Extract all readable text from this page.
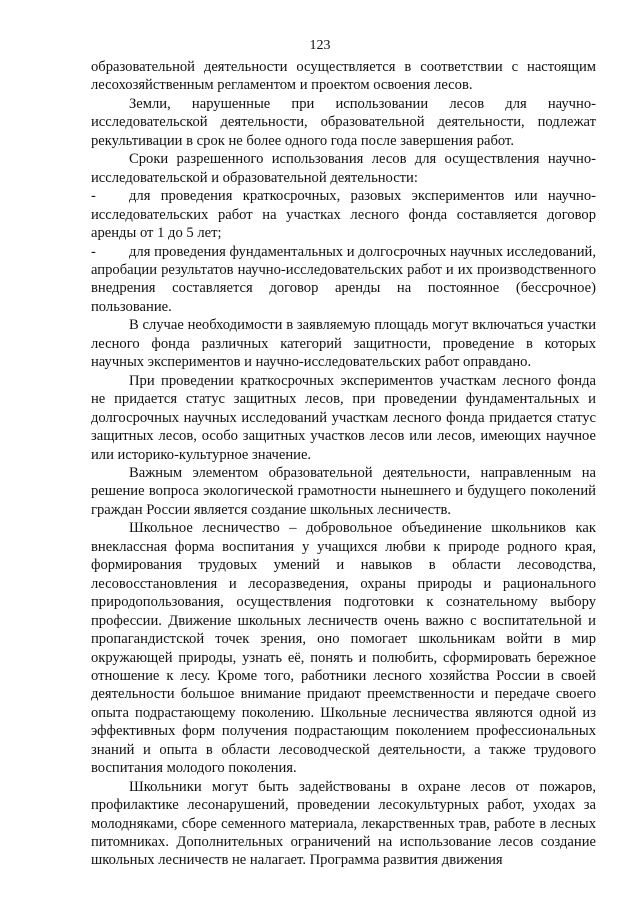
123

образовательной деятельности осуществляется в соответствии с настоящим лесохозяйственным регламентом и проектом освоения лесов.

Земли, нарушенные при использовании лесов для научно-исследовательской деятельности, образовательной деятельности, подлежат рекультивации в срок не более одного года после завершения работ.

Сроки разрешенного использования лесов для осуществления научно-исследовательской и образовательной деятельности:

- для проведения краткосрочных, разовых экспериментов или научно-исследовательских работ на участках лесного фонда составляется договор аренды от 1 до 5 лет;

- для проведения фундаментальных и долгосрочных научных исследований, апробации результатов научно-исследовательских работ и их производственного внедрения составляется договор аренды на постоянное (бессрочное) пользование.

В случае необходимости в заявляемую площадь могут включаться участки лесного фонда различных категорий защитности, проведение в которых научных экспериментов и научно-исследовательских работ оправдано.

При проведении краткосрочных экспериментов участкам лесного фонда не придается статус защитных лесов, при проведении фундаментальных и долгосрочных научных исследований участкам лесного фонда придается статус защитных лесов, особо защитных участков лесов или лесов, имеющих научное или историко-культурное значение.

Важным элементом образовательной деятельности, направленным на решение вопроса экологической грамотности нынешнего и будущего поколений граждан России является создание школьных лесничеств.

Школьное лесничество – добровольное объединение школьников как внеклассная форма воспитания у учащихся любви к природе родного края, формирования трудовых умений и навыков в области лесоводства, лесовосстановления и лесоразведения, охраны природы и рационального природопользования, осуществления подготовки к сознательному выбору профессии. Движение школьных лесничеств очень важно с воспитательной и пропагандистской точек зрения, оно помогает школьникам войти в мир окружающей природы, узнать её, понять и полюбить, сформировать бережное отношение к лесу. Кроме того, работники лесного хозяйства России в своей деятельности большое внимание придают преемственности и передаче своего опыта подрастающему поколению. Школьные лесничества являются одной из эффективных форм получения подрастающим поколением профессиональных знаний и опыта в области лесоводческой деятельности, а также трудового воспитания молодого поколения.

Школьники могут быть задействованы в охране лесов от пожаров, профилактике лесонарушений, проведении лесокультурных работ, уходах за молодняками, сборе семенного материала, лекарственных трав, работе в лесных питомниках. Дополнительных ограничений на использование лесов создание школьных лесничеств не налагает. Программа развития движения
